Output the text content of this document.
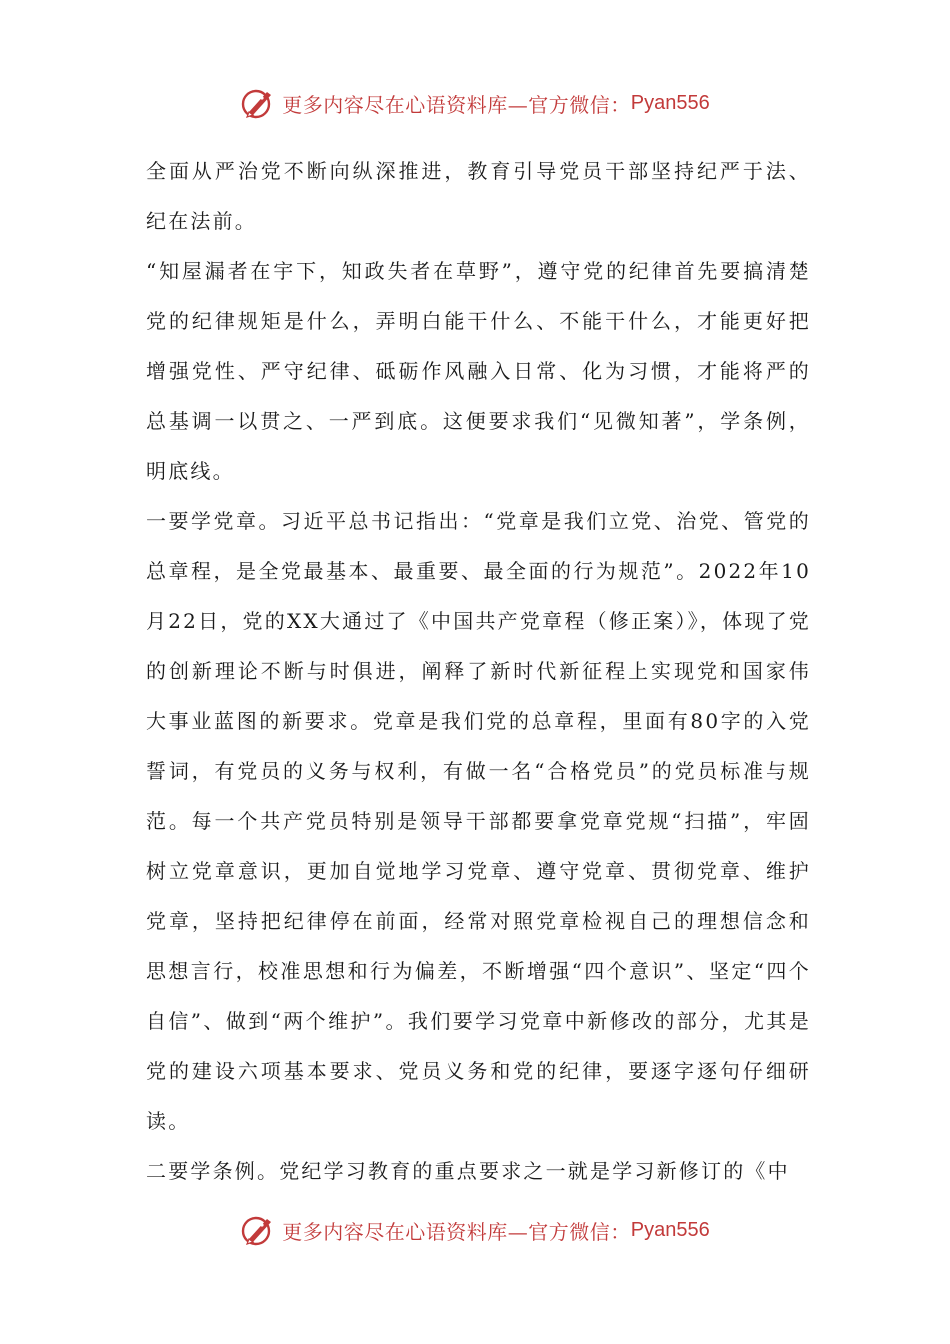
更多内容尽在心语资料库—官方微信： Pyan556

全面从严治党不断向纵深推进，教育引导党员干部坚持纪严于法、纪在法前。

“知屋漏者在宇下，知政失者在草野”，遵守党的纪律首先要搞清楚党的纪律规矩是什么，弄明白能干什么、不能干什么，才能更好把增强党性、严守纪律、砥砺作风融入日常、化为习惯，才能将严的总基调一以贯之、一严到底。这便要求我们“见微知著”，学条例，明底线。

一要学党章。习近平总书记指出：“党章是我们立党、治党、管党的总章程，是全党最基本、最重要、最全面的行为规范”。2022年10月22日，党的XX大通过了《中国共产党章程（修正案）》，体现了党的创新理论不断与时俱进，阐释了新时代新征程上实现党和国家伟大事业蓝图的新要求。党章是我们党的总章程，里面有80字的入党誓词，有党员的义务与权利，有做一名“合格党员”的党员标准与规范。每一个共产党员特别是领导干部都要拿党章党规“扫描”，牢固树立党章意识，更加自觉地学习党章、遵守党章、贯彻党章、维护党章，坚持把纪律停在前面，经常对照党章检视自己的理想信念和思想言行，校准思想和行为偏差，不断增强“四个意识”、坚定“四个自信”、做到“两个维护”。我们要学习党章中新修改的部分，尤其是党的建设六项基本要求、党员义务和党的纪律，要逐字逐句仔细研读。

二要学条例。党纪学习教育的重点要求之一就是学习新修订的《中

更多内容尽在心语资料库—官方微信： Pyan556
